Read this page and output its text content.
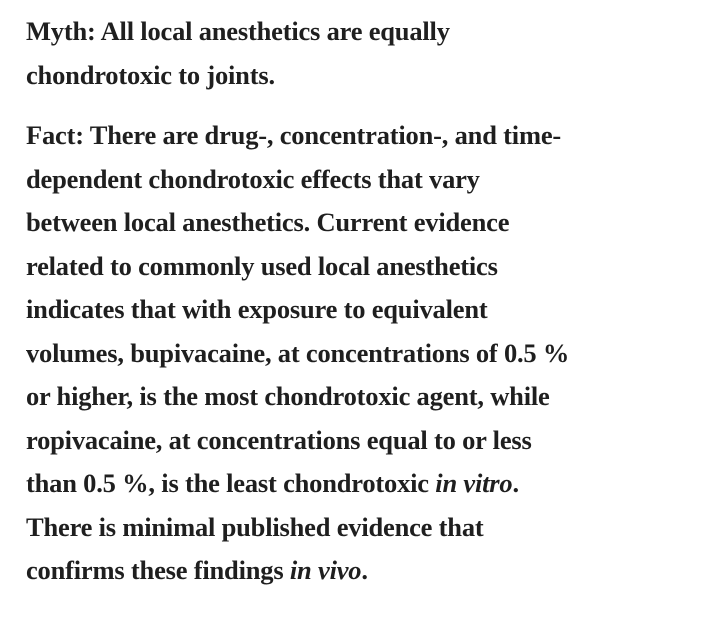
Myth: All local anesthetics are equally
chondrotoxic to joints.

Fact: There are drug-, concentration-, and time-
dependent chondrotoxic effects that vary
between local anesthetics. Current evidence
related to commonly used local anesthetics
indicates that with exposure to equivalent
volumes, bupivacaine, at concentrations of 0.5 %
or higher, is the most chondrotoxic agent, while
ropivacaine, at concentrations equal to or less
than 0.5 %, is the least chondrotoxic in vitro.
There is minimal published evidence that
confirms these findings in vivo.
